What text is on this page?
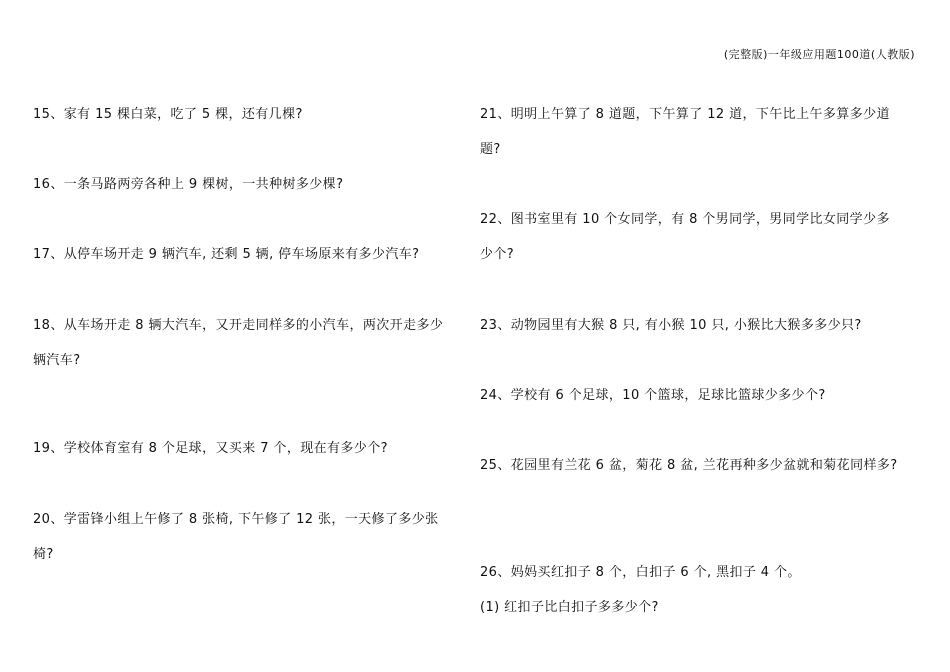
(完整版)一年级应用题100道(人教版)
15、家有 15 棵白菜，吃了 5 棵，还有几棵?
16、一条马路两旁各种上 9 棵树，一共种树多少棵?
17、从停车场开走 9 辆汽车, 还剩 5 辆, 停车场原来有多少汽车?
18、从车场开走 8 辆大汽车，又开走同样多的小汽车，两次开走多少辆汽车?
19、学校体育室有 8 个足球，又买来 7 个，现在有多少个?
20、学雷锋小组上午修了 8 张椅, 下午修了 12 张，一天修了多少张椅?
21、明明上午算了 8 道题，下午算了 12 道，下午比上午多算多少道题?
22、图书室里有 10 个女同学，有 8 个男同学，男同学比女同学少多少个?
23、动物园里有大猴 8 只, 有小猴 10 只, 小猴比大猴多多少只?
24、学校有 6 个足球，10 个篮球，足球比篮球少多少个?
25、花园里有兰花 6 盆，菊花 8 盆, 兰花再种多少盆就和菊花同样多?
26、妈妈买红扣子 8 个，白扣子 6 个, 黑扣子 4 个。
(1) 红扣子比白扣子多多少个?
